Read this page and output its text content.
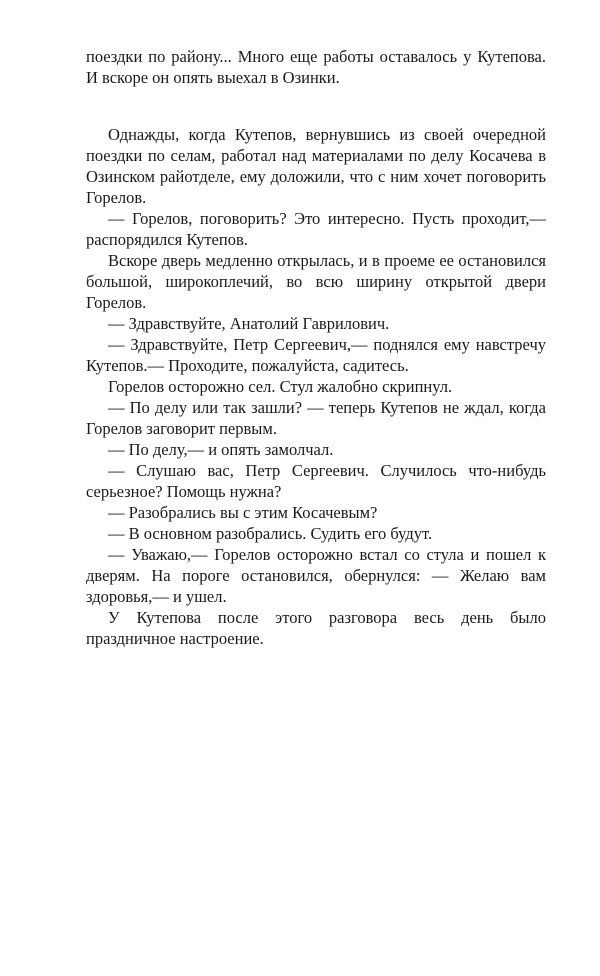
поездки по району... Много еще работы оставалось у Кутепова. И вскоре он опять выехал в Озинки.

Однажды, когда Кутепов, вернувшись из своей очередной поездки по селам, работал над материалами по делу Косачева в Озинском райотделе, ему доложили, что с ним хочет поговорить Горелов.

— Горелов, поговорить? Это интересно. Пусть проходит,— распорядился Кутепов.

Вскоре дверь медленно открылась, и в проеме ее остановился большой, широкоплечий, во всю ширину открытой двери Горелов.

— Здравствуйте, Анатолий Гаврилович.

— Здравствуйте, Петр Сергеевич,— поднялся ему навстречу Кутепов.— Проходите, пожалуйста, садитесь.

Горелов осторожно сел. Стул жалобно скрипнул.

— По делу или так зашли? — теперь Кутепов не ждал, когда Горелов заговорит первым.

— По делу,— и опять замолчал.

— Слушаю вас, Петр Сергеевич. Случилось что-нибудь серьезное? Помощь нужна?

— Разобрались вы с этим Косачевым?

— В основном разобрались. Судить его будут.

— Уважаю,— Горелов осторожно встал со стула и пошел к дверям. На пороге остановился, обернулся: — Желаю вам здоровья,— и ушел.

У Кутепова после этого разговора весь день было праздничное настроение.
